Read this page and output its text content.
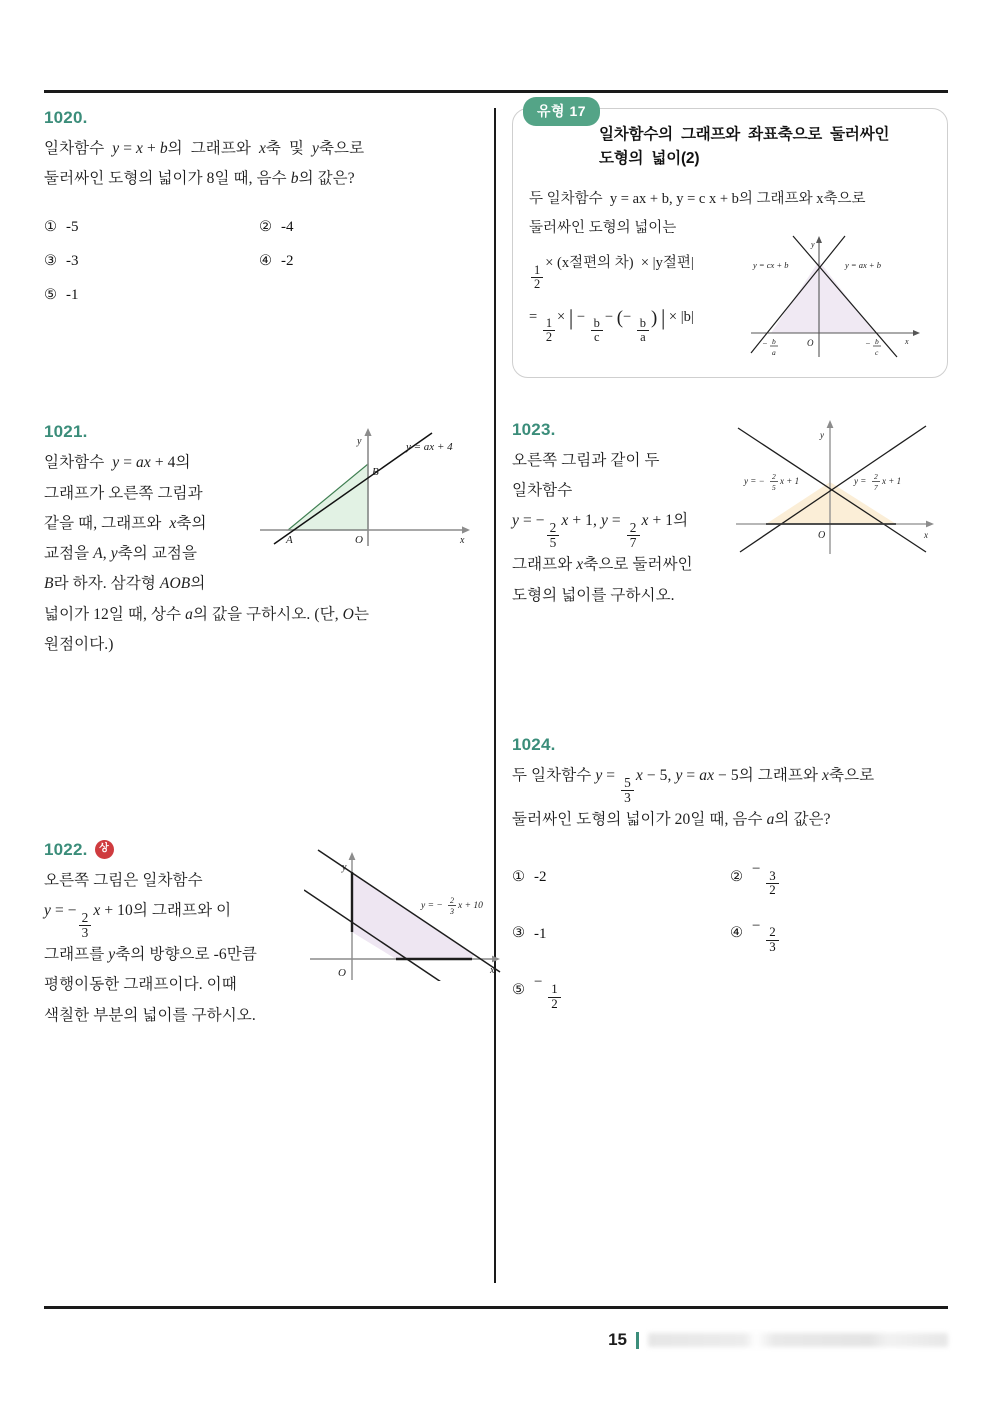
1020.
일차함수  y = x + b의  그래프와  x축  및  y축으로
둘러싸인 도형의 넓이가 8일 때, 음수 b의 값은?
① -5	② -4
③ -3	④ -2
⑤ -1
1021.
y = ax + 4
A	O
B
y
x
일차함수  y = ax + 4의
그래프가 오른쪽 그림과
같을 때, 그래프와  x축의
교점을 A, y축의 교점을
B라 하자. 삼각형 AOB의
넓이가 12일 때, 상수 a의 값을 구하시오. (단, O는
원점이다.)
1022.	상
y
x
O
y = −
2
3
x + 10
오른쪽 그림은 일차함수
y = −
$\frac{2}{3}$
x + 10의 그래프와 이
그래프를 y축의 방향으로 -6만큼
평행이동한 그래프이다. 이때
색칠한 부분의 넓이를 구하시오.
유형 17
일차함수의 그래프와 좌표축으로 둘러싸인
도형의 넓이(2)
y
x
O
y = cx + b	y = ax + b
− b
a
− b
c
두 일차함수  y = ax + b, y = c x + b의 그래프와 x축으로
둘러싸인 도형의 넓이는
$\frac{1}{2}$
× (x절편의 차)  × |y절편|
=
$\frac{1}{2}$
× | −
$\frac{b}{c}$
− (−
$\frac{b}{a}$ ) | × |b|
1023.	y
x
O
y = − 2
5
x + 1	y = 2
7
x + 1
오른쪽 그림과 같이 두
일차함수
y = −
$\frac{2}{5}$
x + 1, y =
$\frac{2}{7}$
x + 1의
그래프와 x축으로 둘러싸인
도형의 넓이를 구하시오.
1024.
두 일차함수 y =
$\frac{5}{3}$
x − 5, y = ax − 5의 그래프와 x축으로
둘러싸인 도형의 넓이가 20일 때, 음수 a의 값은?
① -2	② −
$\frac{3}{2}$
③ -1	④ −
$\frac{2}{3}$
⑤ −
$\frac{1}{2}$
15
